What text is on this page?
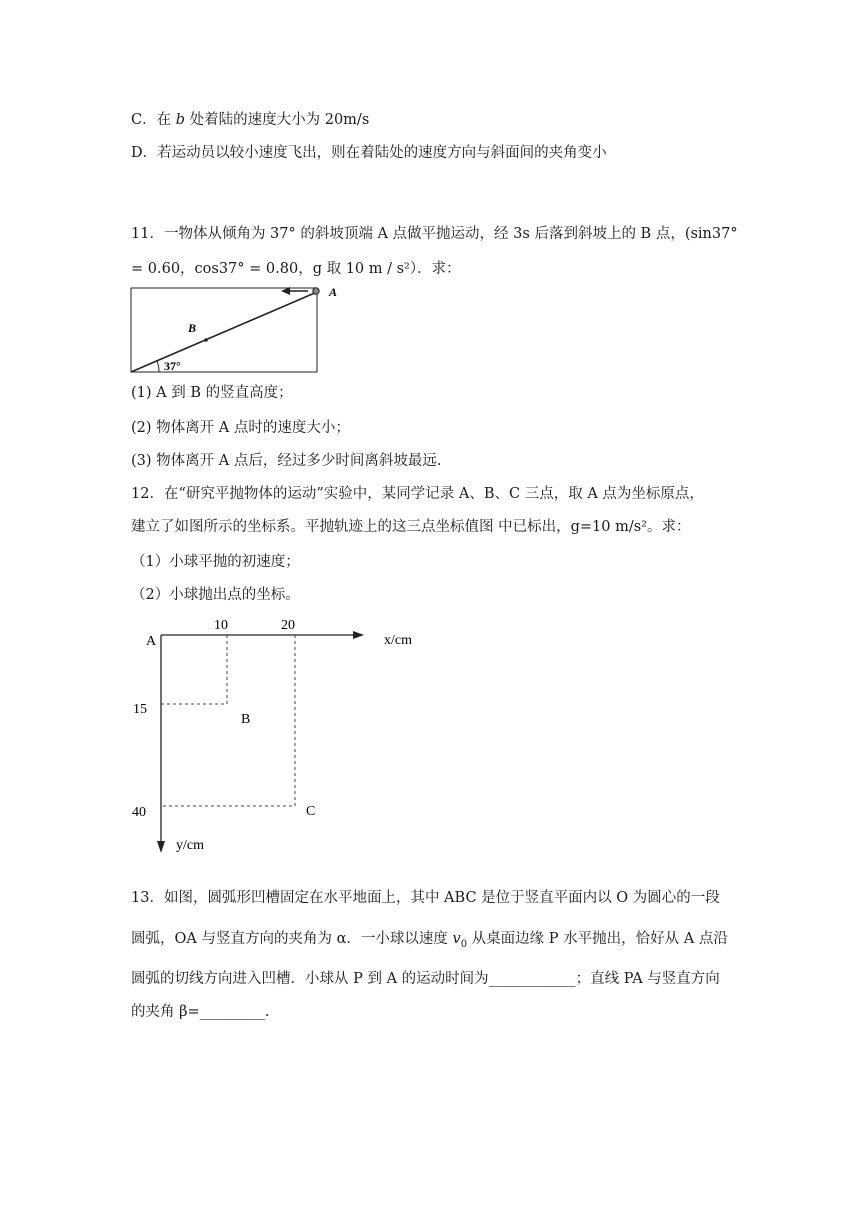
C．在 b 处着陆的速度大小为 20m/s
D．若运动员以较小速度飞出，则在着陆处的速度方向与斜面间的夹角变小
11．一物体从倾角为 37° 的斜坡顶端 A 点做平抛运动，经 3s 后落到斜坡上的 B 点，(sin37°
= 0.60，cos37° = 0.80，g 取 10 m / s²）．求：
A
B
37°
(1) A 到 B 的竖直高度；
(2) 物体离开 A 点时的速度大小；
(3) 物体离开 A 点后，经过多少时间离斜坡最远.
12．在“研究平抛物体的运动”实验中，某同学记录 A、B、C 三点，取 A 点为坐标原点，
建立了如图所示的坐标系。平抛轨迹上的这三点坐标值图 中已标出，g=10 m/s²。求：
（1）小球平抛的初速度；
（2）小球抛出点的坐标。
A
10	20
x/cm
15
40
y/cm
B
C
13．如图，圆弧形凹槽固定在水平地面上，其中 ABC 是位于竖直平面内以 O 为圆心的一段
圆弧，OA 与竖直方向的夹角为 α．一小球以速度 $v_0$ 从桌面边缘 P 水平抛出，恰好从 A 点沿
圆弧的切线方向进入凹槽．小球从 P 到 A 的运动时间为____________；直线 PA 与竖直方向
的夹角 β=_________.
